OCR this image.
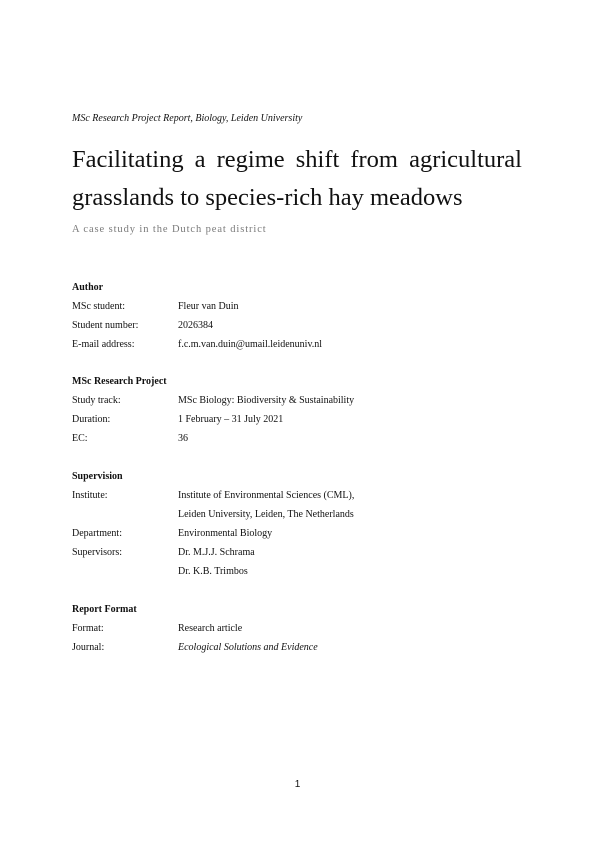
MSc Research Project Report, Biology, Leiden University
Facilitating a regime shift from agricultural
grasslands to species-rich hay meadows
A case study in the Dutch peat district
Author
MSc student:	Fleur van Duin
Student number:	2026384
E-mail address:	f.c.m.van.duin@umail.leidenuniv.nl
MSc Research Project
Study track:	MSc Biology: Biodiversity & Sustainability
Duration:	1 February – 31 July 2021
EC:	36
Supervision
Institute:	Institute of Environmental Sciences (CML),
Leiden University, Leiden, The Netherlands
Department:	Environmental Biology
Supervisors:	Dr. M.J.J. Schrama
Dr. K.B. Trimbos
Report Format
Format:	Research article
Journal:	Ecological Solutions and Evidence
1
